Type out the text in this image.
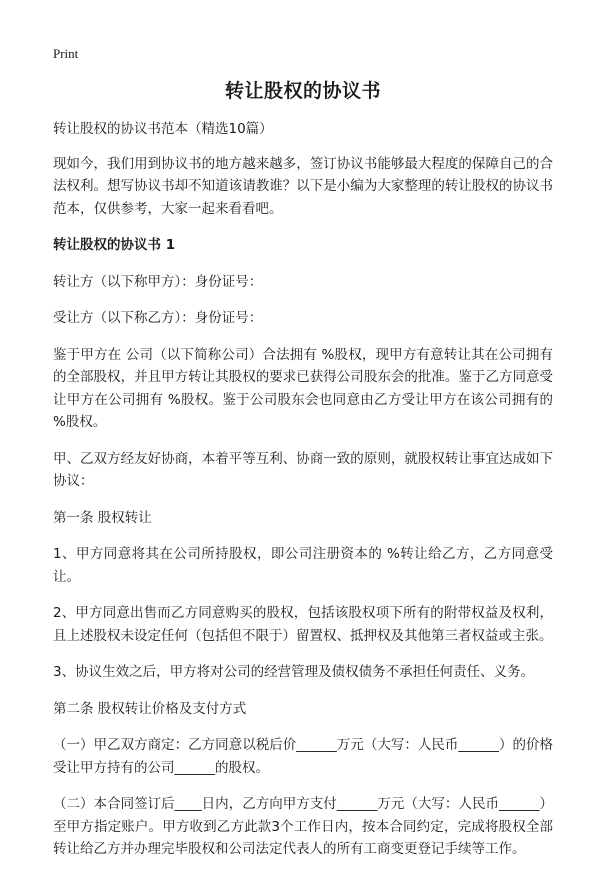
Print
转让股权的协议书

转让股权的协议书范本（精选10篇）

现如今，我们用到协议书的地方越来越多，签订协议书能够最大程度的保障自己的合法权利。想写协议书却不知道该请教谁？以下是小编为大家整理的转让股权的协议书范本，仅供参考，大家一起来看看吧。

转让股权的协议书 1

转让方（以下称甲方）：身份证号：

受让方（以下称乙方）：身份证号：

鉴于甲方在 公司（以下简称公司）合法拥有 %股权，现甲方有意转让其在公司拥有的全部股权，并且甲方转让其股权的要求已获得公司股东会的批准。鉴于乙方同意受让甲方在公司拥有 %股权。鉴于公司股东会也同意由乙方受让甲方在该公司拥有的 %股权。

甲、乙双方经友好协商，本着平等互利、协商一致的原则，就股权转让事宜达成如下协议：

第一条 股权转让

1、甲方同意将其在公司所持股权，即公司注册资本的 %转让给乙方，乙方同意受让。

2、甲方同意出售而乙方同意购买的股权，包括该股权项下所有的附带权益及权利，且上述股权未设定任何（包括但不限于）留置权、抵押权及其他第三者权益或主张。

3、协议生效之后，甲方将对公司的经营管理及债权债务不承担任何责任、义务。

第二条 股权转让价格及支付方式

（一）甲乙双方商定：乙方同意以税后价______万元（大写：人民币______）的价格受让甲方持有的公司______的股权。

（二）本合同签订后____日内，乙方向甲方支付______万元（大写：人民币______）至甲方指定账户。甲方收到乙方此款3个工作日内，按本合同约定，完成将股权全部转让给乙方并办理完毕股权和公司法定代表人的所有工商变更登记手续等工作。
